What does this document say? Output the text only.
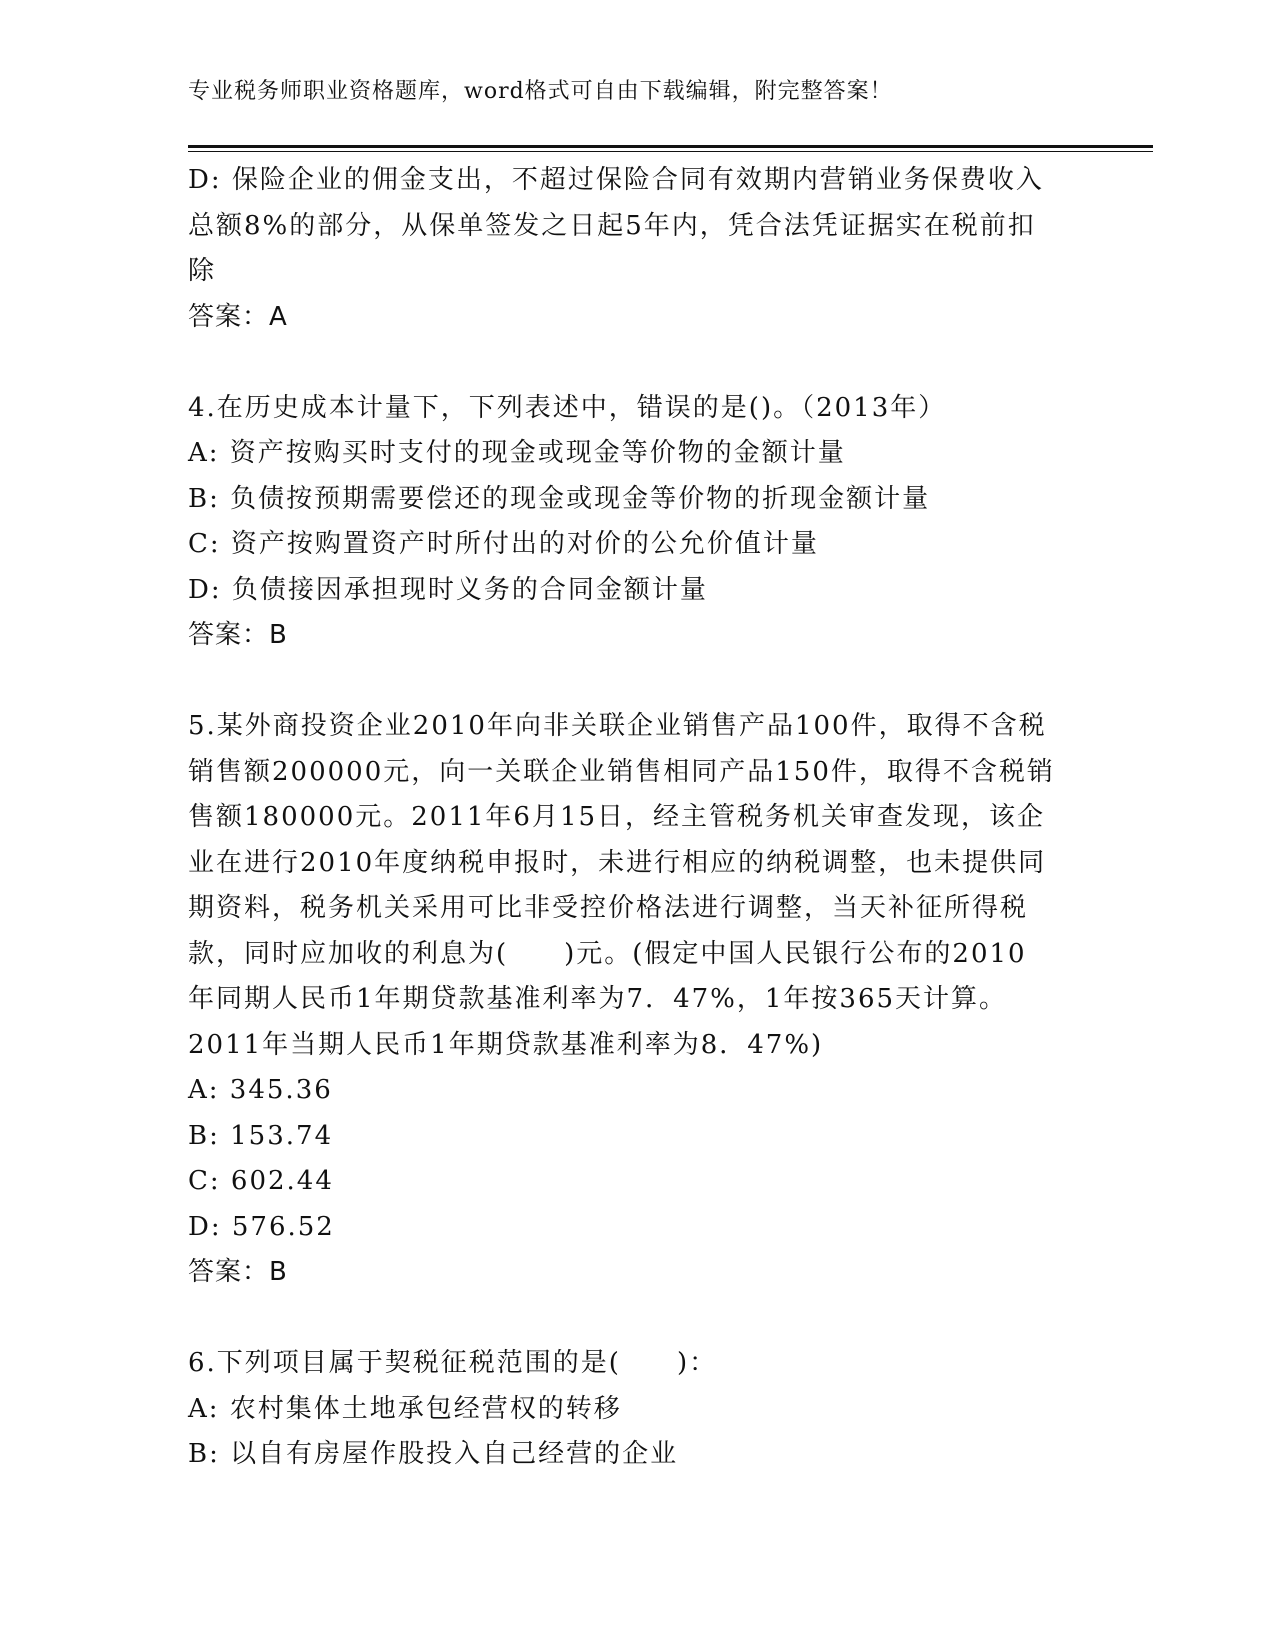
专业税务师职业资格题库，word格式可自由下载编辑，附完整答案！
D: 保险企业的佣金支出，不超过保险合同有效期内营销业务保费收入
总额8%的部分，从保单签发之日起5年内，凭合法凭证据实在税前扣
除
答案：A
4.在历史成本计量下，下列表述中，错误的是()。（2013年）
A: 资产按购买时支付的现金或现金等价物的金额计量
B: 负债按预期需要偿还的现金或现金等价物的折现金额计量
C: 资产按购置资产时所付出的对价的公允价值计量
D: 负债接因承担现时义务的合同金额计量
答案：B
5.某外商投资企业2010年向非关联企业销售产品100件，取得不含税
销售额200000元，向一关联企业销售相同产品150件，取得不含税销
售额180000元。2011年6月15日，经主管税务机关审查发现，该企
业在进行2010年度纳税申报时，未进行相应的纳税调整，也未提供同
期资料，税务机关采用可比非受控价格法进行调整，当天补征所得税
款，同时应加收的利息为(　　)元。(假定中国人民银行公布的2010
年同期人民币1年期贷款基准利率为7．47%，1年按365天计算。
2011年当期人民币1年期贷款基准利率为8．47%)
A: 345.36
B: 153.74
C: 602.44
D: 576.52
答案：B
6.下列项目属于契税征税范围的是(　　)：
A: 农村集体土地承包经营权的转移
B: 以自有房屋作股投入自己经营的企业
